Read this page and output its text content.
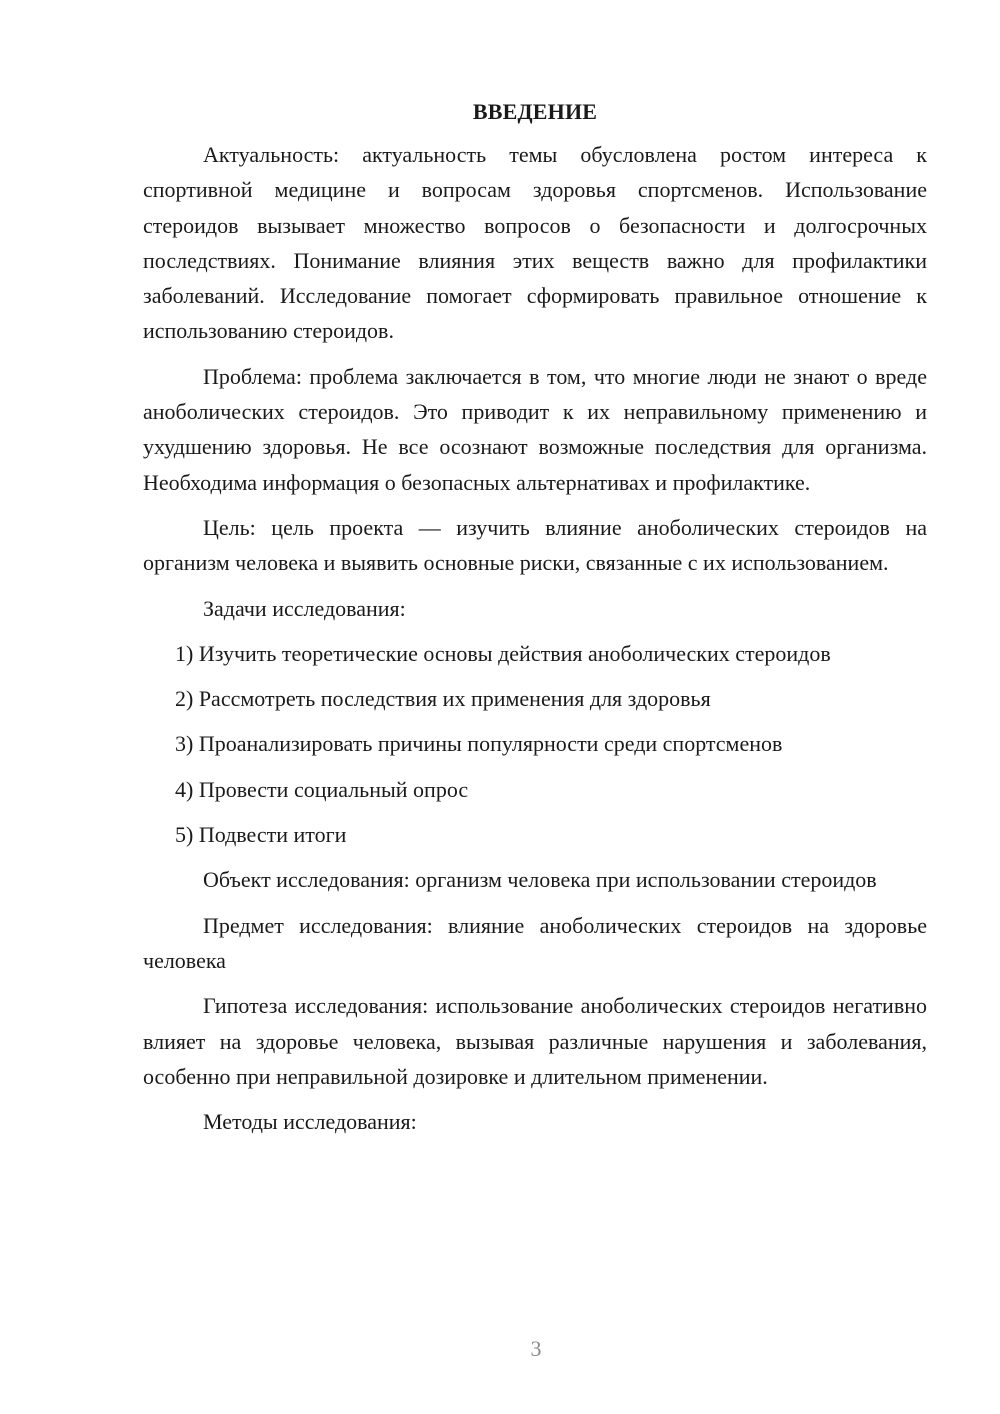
ВВЕДЕНИЕ

Актуальность: актуальность темы обусловлена ростом интереса к спортивной медицине и вопросам здоровья спортсменов. Использование стероидов вызывает множество вопросов о безопасности и долгосрочных последствиях. Понимание влияния этих веществ важно для профилактики заболеваний. Исследование помогает сформировать правильное отношение к использованию стероидов.

Проблема: проблема заключается в том, что многие люди не знают о вреде аноболических стероидов. Это приводит к их неправильному применению и ухудшению здоровья. Не все осознают возможные последствия для организма. Необходима информация о безопасных альтернативах и профилактике.

Цель: цель проекта — изучить влияние аноболических стероидов на организм человека и выявить основные риски, связанные с их использованием.

Задачи исследования:

1) Изучить теоретические основы действия аноболических стероидов
2) Рассмотреть последствия их применения для здоровья
3) Проанализировать причины популярности среди спортсменов
4) Провести социальный опрос
5) Подвести итоги

Объект исследования: организм человека при использовании стероидов

Предмет исследования: влияние аноболических стероидов на здоровье человека

Гипотеза исследования: использование аноболических стероидов негативно влияет на здоровье человека, вызывая различные нарушения и заболевания, особенно при неправильной дозировке и длительном применении.

Методы исследования:

3
